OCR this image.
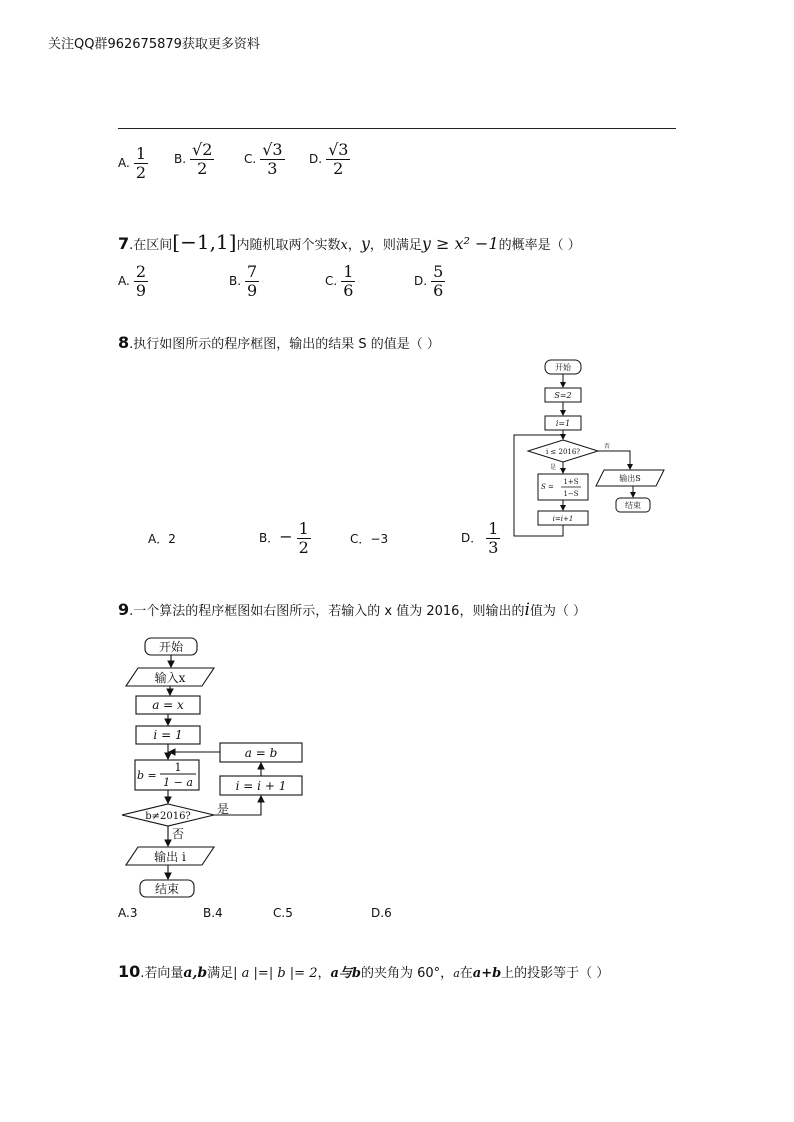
关注QQ群962675879获取更多资料
A. $\frac{1}{2} B$. $\frac{√2}{2} C$. $\frac{√3}{3} D$. $\frac{√3}{2}$
7.在区间[−1,1]内随机取两个实数x，y，则满足y ≥ x² −1的概率是（ ）
A. $\frac{2}{9}$	B. $\frac{7}{9}$	C. $\frac{1}{6}$	D. $\frac{5}{6}$
8.执行如图所示的程序框图，输出的结果 S 的值是（ ）
开始
S=2
i=1
i ≤ 2016?
否
是
S =
1+S
1−S
i=i+1
输出S
结束
A．2	B．− $\frac{1}{2}$	C．−3	D． $\frac{1}{3}$
9.一个算法的程序框图如右图所示，若输入的 x 值为 2016，则输出的i值为（ ）
开始
输入x
a = x
i = 1
b =
1
1 − a
b≠2016?
是
否
i = i + 1
a = b
输出 i
结束
A.3	B.4	C.5	D.6
10.若向量a,b满足| a |=| b |= 2，a与b的夹角为 60°，a在a+b上的投影等于（ ）
